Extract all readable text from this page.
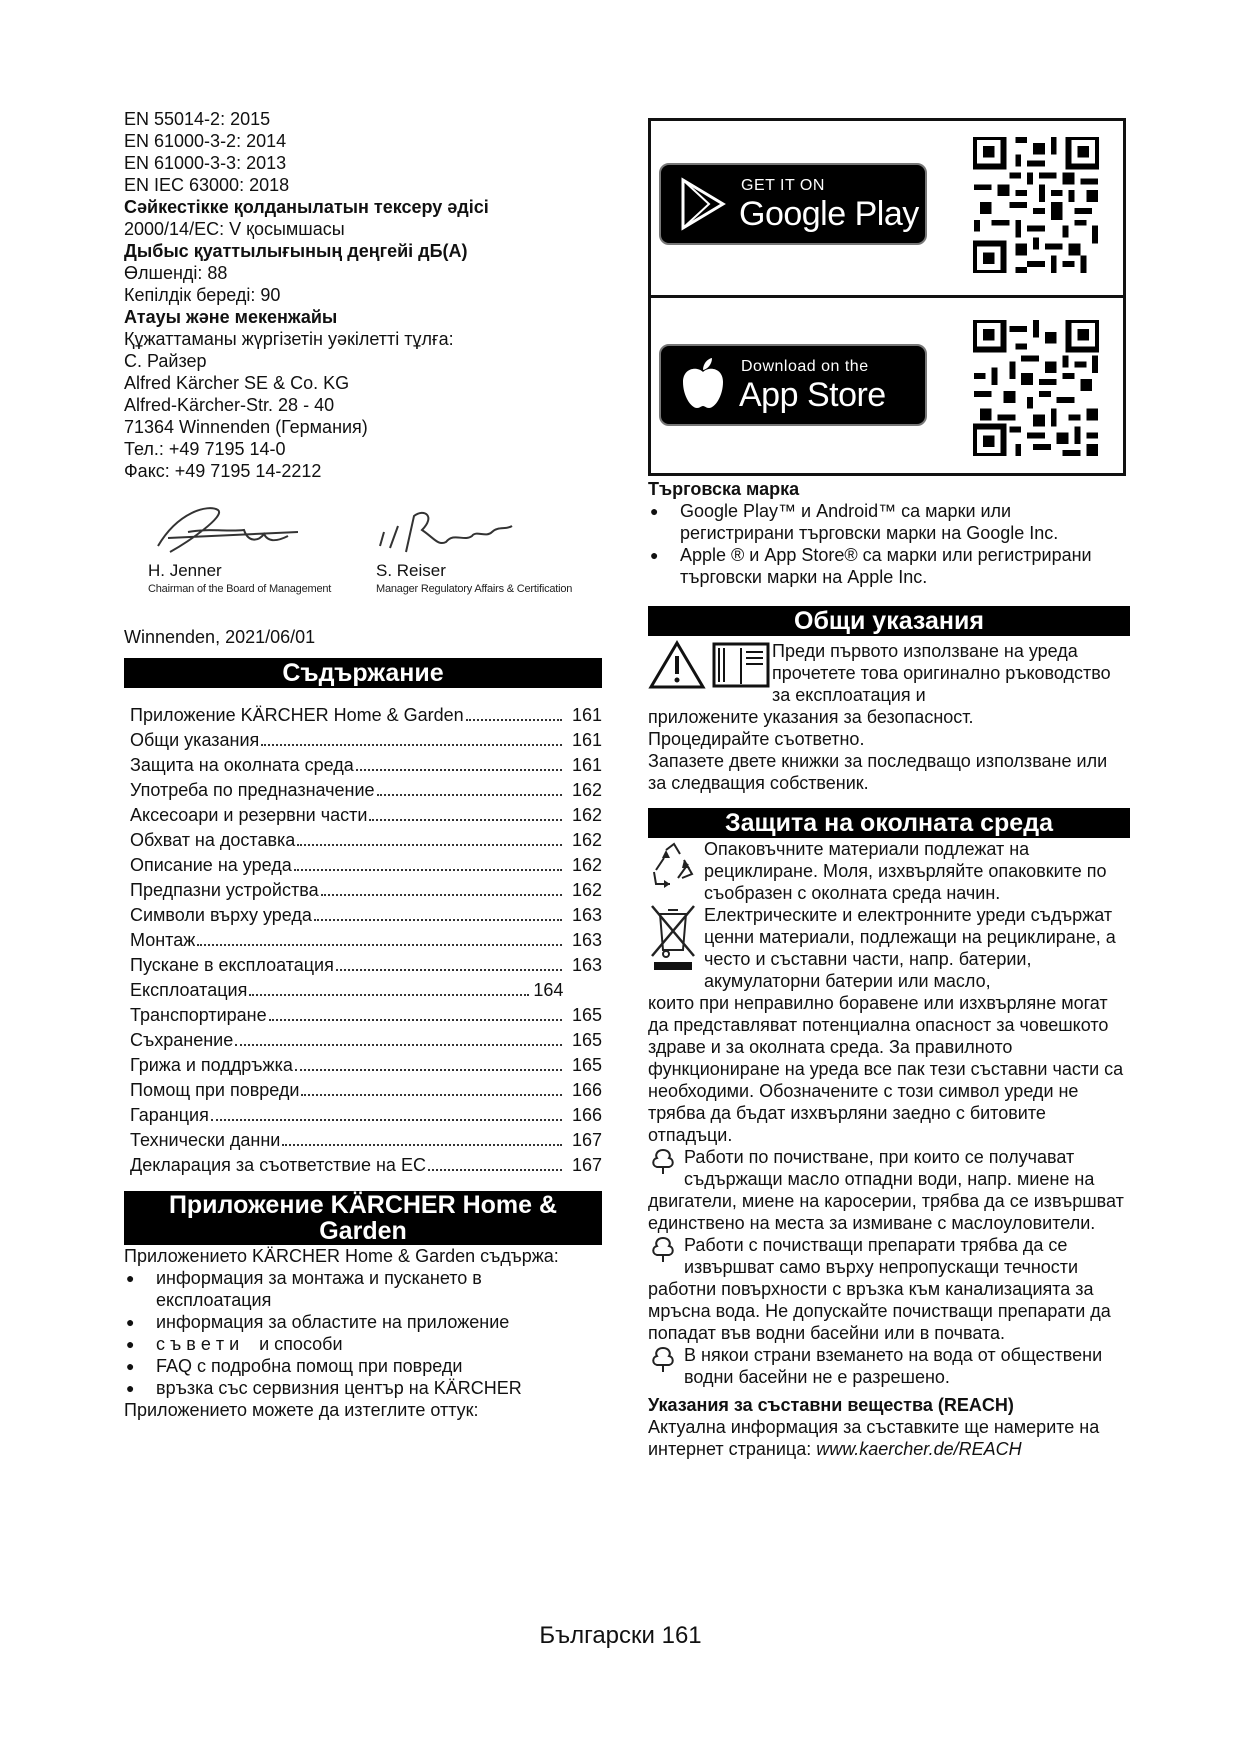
EN 55014-2: 2015
EN 61000-3-2: 2014
EN 61000-3-3: 2013
EN IEC 63000: 2018
Сәйкестікке қолданылатын тексеру әдісі
2000/14/EC: V қосымшасы
Дыбыс қуаттылығының деңгейі дБ(А)
Өлшенді: 88
Кепілдік береді: 90
Атауы және мекенжайы
Құжаттаманы жүргізетін уәкілетті тұлға:
С. Райзер
Alfred Kärcher SE & Co. KG
Alfred-Kärcher-Str. 28 - 40
71364 Winnenden (Германия)
Тел.: +49 7195 14-0
Факс: +49 7195 14-2212
H. Jenner
Chairman of the Board of Management
S. Reiser
Manager Regulatory Affairs & Certification
Winnenden, 2021/06/01
Съдържание
Приложение KÄRCHER Home & Garden	161
Общи указания	161
Защита на околната среда	161
Употреба по предназначение	162
Аксесоари и резервни части	162
Обхват на доставка	162
Описание на уреда	162
Предпазни устройства	162
Символи върху уреда	163
Монтаж	163
Пускане в експлоатация	163
Експлоатация	164
Транспортиране	165
Съхранение	165
Грижа и поддръжка	165
Помощ при повреди	166
Гаранция	166
Технически данни	167
Декларация за съответствие на ЕС	167
Приложение KÄRCHER Home &
Garden
Приложението KÄRCHER Home & Garden съдържа:
● информация за монтажа и пускането в експлоатация
● информация за областите на приложение
● с ъ в е т и    и способи
● FAQ с подробна помощ при повреди
● връзка със сервизния център на KÄRCHER
Приложението можете да изтеглите оттук:
GET IT ON
Google Play
Download on the
App Store
Търговска марка
● Google Play™ и Android™ са марки или регистрирани търговски марки на Google Inc.
● Apple ® и App Store® са марки или регистрирани търговски марки на Apple Inc.
Общи указания

Преди първото използване на уреда прочетете това оригинално ръководство за експлоатация и
приложените указания за безопасност.
Процедирайте съответно.
Запазете двете книжки за последващо използване или за следващия собственик.
Защита на околната среда
Опаковъчните материали подлежат на рециклиране. Моля, изхвърляйте опаковките по съобразен с околната среда начин.
Електрическите и електронните уреди съдържат ценни материали, подлежащи на рециклиране, а често и съставни части, напр. батерии, акумулаторни батерии или масло,
които при неправилно боравене или изхвърляне могат да представляват потенциална опасност за човешкото здраве и за околната среда. За правилното функциониране на уреда все пак тези съставни части са необходими. Обозначените с този символ уреди не трябва да бъдат изхвърляни заедно с битовите отпадъци.
Работи по почистване, при които се получават съдържащи масло отпадни води, напр. миене на двигатели, миене на каросерии, трябва да се извършват единствено на места за измиване с маслоуловители.
Работи с почистващи препарати трябва да се извършват само върху непропускащи течности работни повърхности с връзка към канализацията за мръсна вода. Не допускайте почистващи препарати да попадат във водни басейни или в почвата.
В някои страни вземането на вода от обществени водни басейни не е разрешено.
Указания за съставни вещества (REACH)
Актуална информация за съставките ще намерите на интернет страница: www.kaercher.de/REACH
Български 161
